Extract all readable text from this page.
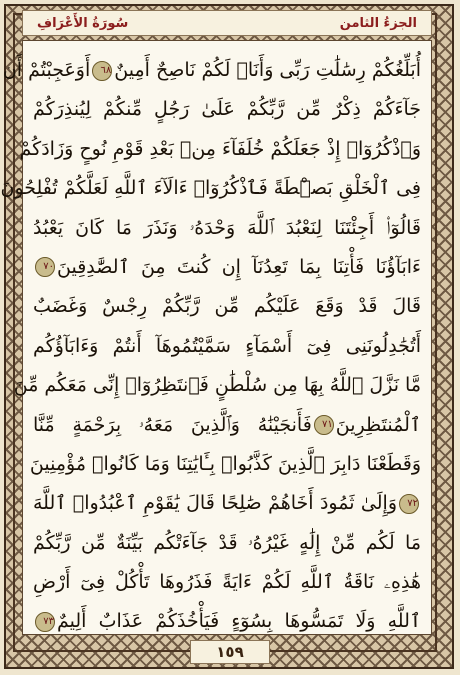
الجزءُ الثامن
سُورَةُ الأَعْرَافِ
أُبَلِّغُكُمْ رِسَٰلَٰتِ رَبِّى وَأَنَا۠ لَكُمْ نَاصِحٌ أَمِينٌ٦٨أَوَعَجِبْتُمْ أَن
جَآءَكُمْ ذِكْرٌ مِّن رَّبِّكُمْ عَلَىٰ رَجُلٍ مِّنكُمْ لِيُنذِرَكُمْ
وَٱذْكُرُوٓا۟ إِذْ جَعَلَكُمْ خُلَفَآءَ مِنۢ بَعْدِ قَوْمِ نُوحٍ وَزَادَكُمْ
فِى ٱلْخَلْقِ بَصْۜطَةً فَٱذْكُرُوٓا۟ ءَالَآءَ ٱللَّهِ لَعَلَّكُمْ تُفْلِحُونَ
قَالُوٓا۟ أَجِئْتَنَا لِنَعْبُدَ ٱللَّهَ وَحْدَهُۥ وَنَذَرَ مَا كَانَ يَعْبُدُ
ءَابَآؤُنَا فَأْتِنَا بِمَا تَعِدُنَآ إِن كُنتَ مِنَ ٱلصَّٰدِقِينَ٧٠
قَالَ قَدْ وَقَعَ عَلَيْكُم مِّن رَّبِّكُمْ رِجْسٌ وَغَضَبٌ
أَتُجَٰدِلُونَنِى فِىٓ أَسْمَآءٍ سَمَّيْتُمُوهَآ أَنتُمْ وَءَابَآؤُكُم
مَّا نَزَّلَ ٱللَّهُ بِهَا مِن سُلْطَٰنٍ فَٱنتَظِرُوٓا۟ إِنِّى مَعَكُم مِّنَ
ٱلْمُنتَظِرِينَ٧١فَأَنجَيْنَٰهُ وَٱلَّذِينَ مَعَهُۥ بِرَحْمَةٍ مِّنَّا
وَقَطَعْنَا دَابِرَ ٱلَّذِينَ كَذَّبُوا۟ بِـَٔايَٰتِنَا وَمَا كَانُوا۟ مُؤْمِنِينَ
٧٢وَإِلَىٰ ثَمُودَ أَخَاهُمْ صَٰلِحًا قَالَ يَٰقَوْمِ ٱعْبُدُوا۟ ٱللَّهَ
مَا لَكُم مِّنْ إِلَٰهٍ غَيْرُهُۥ قَدْ جَآءَتْكُم بَيِّنَةٌ مِّن رَّبِّكُمْ
هَٰذِهِۦ نَاقَةُ ٱللَّهِ لَكُمْ ءَايَةً فَذَرُوهَا تَأْكُلْ فِىٓ أَرْضِ
ٱللَّهِ وَلَا تَمَسُّوهَا بِسُوٓءٍ فَيَأْخُذَكُمْ عَذَابٌ أَلِيمٌ٧٣
١٥٩
